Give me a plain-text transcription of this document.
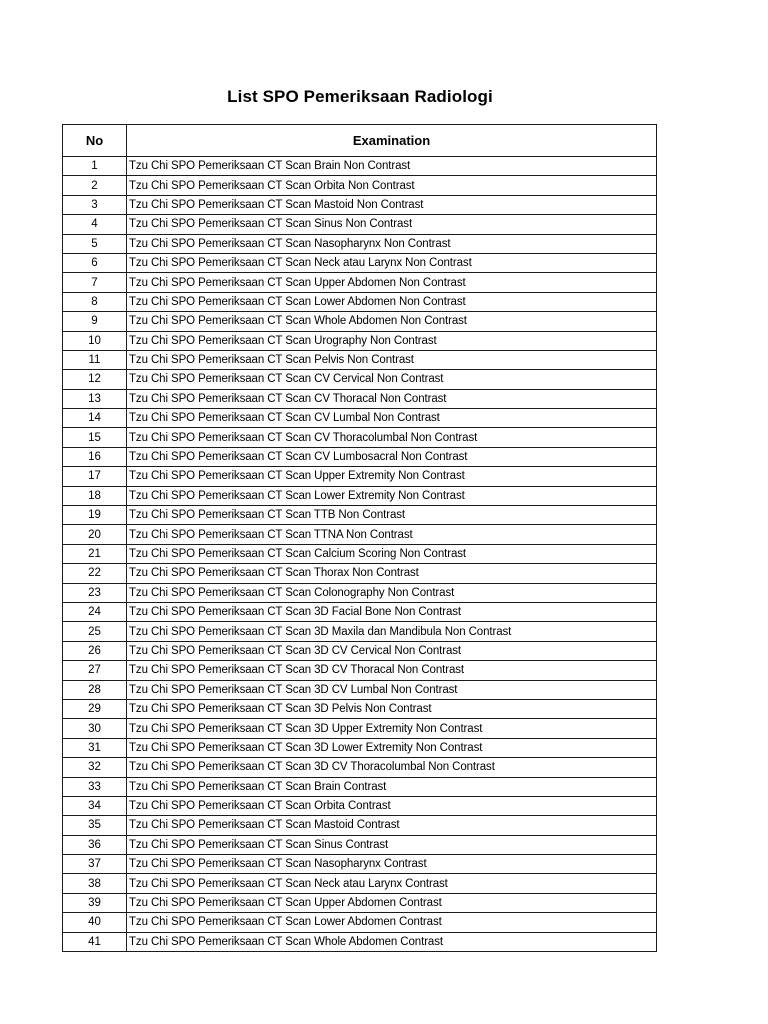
List SPO Pemeriksaan Radiologi
No	Examination
1	Tzu Chi SPO Pemeriksaan CT Scan Brain Non Contrast
2	Tzu Chi SPO Pemeriksaan CT Scan Orbita Non Contrast
3	Tzu Chi SPO Pemeriksaan CT Scan Mastoid Non Contrast
4	Tzu Chi SPO Pemeriksaan CT Scan Sinus Non Contrast
5	Tzu Chi SPO Pemeriksaan CT Scan Nasopharynx Non Contrast
6	Tzu Chi SPO Pemeriksaan CT Scan Neck atau Larynx Non Contrast
7	Tzu Chi SPO Pemeriksaan CT Scan Upper Abdomen Non Contrast
8	Tzu Chi SPO Pemeriksaan CT Scan Lower Abdomen Non Contrast
9	Tzu Chi SPO Pemeriksaan CT Scan Whole Abdomen Non Contrast
10	Tzu Chi SPO Pemeriksaan CT Scan Urography Non Contrast
11	Tzu Chi SPO Pemeriksaan CT Scan Pelvis Non Contrast
12	Tzu Chi SPO Pemeriksaan CT Scan CV Cervical Non Contrast
13	Tzu Chi SPO Pemeriksaan CT Scan CV Thoracal Non Contrast
14	Tzu Chi SPO Pemeriksaan CT Scan CV Lumbal Non Contrast
15	Tzu Chi SPO Pemeriksaan CT Scan CV Thoracolumbal Non Contrast
16	Tzu Chi SPO Pemeriksaan CT Scan CV Lumbosacral Non Contrast
17	Tzu Chi SPO Pemeriksaan CT Scan Upper Extremity Non Contrast
18	Tzu Chi SPO Pemeriksaan CT Scan Lower Extremity Non Contrast
19	Tzu Chi SPO Pemeriksaan CT Scan TTB Non Contrast
20	Tzu Chi SPO Pemeriksaan CT Scan TTNA Non Contrast
21	Tzu Chi SPO Pemeriksaan CT Scan Calcium Scoring Non Contrast
22	Tzu Chi SPO Pemeriksaan CT Scan Thorax Non Contrast
23	Tzu Chi SPO Pemeriksaan CT Scan Colonography Non Contrast
24	Tzu Chi SPO Pemeriksaan CT Scan 3D Facial Bone Non Contrast
25	Tzu Chi SPO Pemeriksaan CT Scan 3D Maxila dan Mandibula Non Contrast
26	Tzu Chi SPO Pemeriksaan CT Scan 3D CV Cervical Non Contrast
27	Tzu Chi SPO Pemeriksaan CT Scan 3D CV Thoracal Non Contrast
28	Tzu Chi SPO Pemeriksaan CT Scan 3D CV Lumbal Non Contrast
29	Tzu Chi SPO Pemeriksaan CT Scan 3D Pelvis Non Contrast
30	Tzu Chi SPO Pemeriksaan CT Scan 3D Upper Extremity Non Contrast
31	Tzu Chi SPO Pemeriksaan CT Scan 3D Lower Extremity Non Contrast
32	Tzu Chi SPO Pemeriksaan CT Scan 3D CV Thoracolumbal Non Contrast
33	Tzu Chi SPO Pemeriksaan CT Scan Brain Contrast
34	Tzu Chi SPO Pemeriksaan CT Scan Orbita Contrast
35	Tzu Chi SPO Pemeriksaan CT Scan Mastoid Contrast
36	Tzu Chi SPO Pemeriksaan CT Scan Sinus Contrast
37	Tzu Chi SPO Pemeriksaan CT Scan Nasopharynx Contrast
38	Tzu Chi SPO Pemeriksaan CT Scan Neck atau Larynx Contrast
39	Tzu Chi SPO Pemeriksaan CT Scan Upper Abdomen Contrast
40	Tzu Chi SPO Pemeriksaan CT Scan Lower Abdomen Contrast
41	Tzu Chi SPO Pemeriksaan CT Scan Whole Abdomen Contrast
